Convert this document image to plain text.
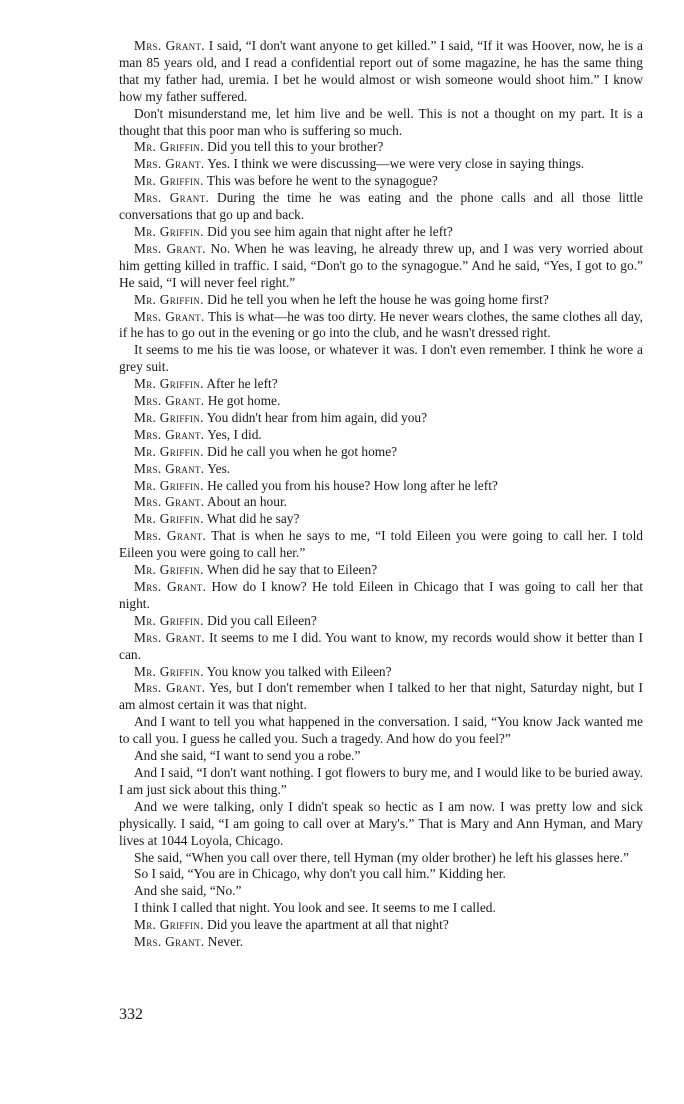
Mrs. Grant. I said, “I don't want anyone to get killed.” I said, “If it was Hoover, now, he is a man 85 years old, and I read a confidential report out of some magazine, he has the same thing that my father had, uremia. I bet he would almost or wish someone would shoot him.” I know how my father suffered.

Don't misunderstand me, let him live and be well. This is not a thought on my part. It is a thought that this poor man who is suffering so much.

Mr. Griffin. Did you tell this to your brother?

Mrs. Grant. Yes. I think we were discussing—we were very close in saying things.

Mr. Griffin. This was before he went to the synagogue?

Mrs. Grant. During the time he was eating and the phone calls and all those little conversations that go up and back.

Mr. Griffin. Did you see him again that night after he left?

Mrs. Grant. No. When he was leaving, he already threw up, and I was very worried about him getting killed in traffic. I said, “Don't go to the synagogue.” And he said, “Yes, I got to go.” He said, “I will never feel right.”

Mr. Griffin. Did he tell you when he left the house he was going home first?

Mrs. Grant. This is what—he was too dirty. He never wears clothes, the same clothes all day, if he has to go out in the evening or go into the club, and he wasn't dressed right.

It seems to me his tie was loose, or whatever it was. I don't even remember. I think he wore a grey suit.

Mr. Griffin. After he left?

Mrs. Grant. He got home.

Mr. Griffin. You didn't hear from him again, did you?

Mrs. Grant. Yes, I did.

Mr. Griffin. Did he call you when he got home?

Mrs. Grant. Yes.

Mr. Griffin. He called you from his house? How long after he left?

Mrs. Grant. About an hour.

Mr. Griffin. What did he say?

Mrs. Grant. That is when he says to me, “I told Eileen you were going to call her. I told Eileen you were going to call her.”

Mr. Griffin. When did he say that to Eileen?

Mrs. Grant. How do I know? He told Eileen in Chicago that I was going to call her that night.

Mr. Griffin. Did you call Eileen?

Mrs. Grant. It seems to me I did. You want to know, my records would show it better than I can.

Mr. Griffin. You know you talked with Eileen?

Mrs. Grant. Yes, but I don't remember when I talked to her that night, Saturday night, but I am almost certain it was that night.

And I want to tell you what happened in the conversation. I said, “You know Jack wanted me to call you. I guess he called you. Such a tragedy. And how do you feel?”

And she said, “I want to send you a robe.”

And I said, “I don't want nothing. I got flowers to bury me, and I would like to be buried away. I am just sick about this thing.”

And we were talking, only I didn't speak so hectic as I am now. I was pretty low and sick physically. I said, “I am going to call over at Mary's.” That is Mary and Ann Hyman, and Mary lives at 1044 Loyola, Chicago.

She said, “When you call over there, tell Hyman (my older brother) he left his glasses here.”

So I said, “You are in Chicago, why don't you call him.” Kidding her.

And she said, “No.”

I think I called that night. You look and see. It seems to me I called.

Mr. Griffin. Did you leave the apartment at all that night?

Mrs. Grant. Never.

332
